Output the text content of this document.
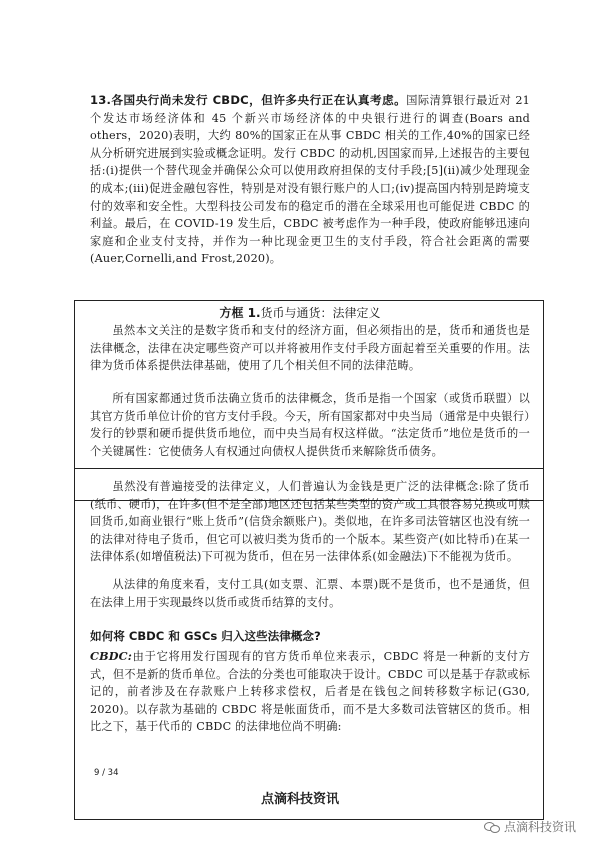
13.各国央行尚未发行 CBDC，但许多央行正在认真考虑。国际清算银行最近对 21 个发达市场经济体和 45 个新兴市场经济体的中央银行进行的调查(Boars and others，2020)表明，大约 80%的国家正在从事 CBDC 相关的工作,40%的国家已经从分析研究进展到实验或概念证明。发行 CBDC 的动机,因国家而异,上述报告的主要包括:(i)提供一个替代现金并确保公众可以使用政府担保的支付手段;[5](ii)减少处理现金的成本;(iii)促进金融包容性，特别是对没有银行账户的人口;(iv)提高国内特别是跨境支付的效率和安全性。大型科技公司发布的稳定币的潜在全球采用也可能促进 CBDC 的利益。最后，在 COVID-19 发生后，CBDC 被考虑作为一种手段，使政府能够迅速向家庭和企业支付支持，并作为一种比现金更卫生的支付手段，符合社会距离的需要(Auer,Cornelli,and Frost,2020)。
方框 1.货币与通货：法律定义
虽然本文关注的是数字货币和支付的经济方面，但必须指出的是，货币和通货也是法律概念，法律在决定哪些资产可以并将被用作支付手段方面起着至关重要的作用。法律为货币体系提供法律基础，使用了几个相关但不同的法律范畴。
所有国家都通过货币法确立货币的法律概念，货币是指一个国家（或货币联盟）以其官方货币单位计价的官方支付手段。今天，所有国家都对中央当局（通常是中央银行）发行的钞票和硬币提供货币地位，而中央当局有权这样做。“法定货币”地位是货币的一个关键属性：它使债务人有权通过向债权人提供货币来解除货币债务。
虽然没有普遍接受的法律定义，人们普遍认为金钱是更广泛的法律概念:除了货币(纸币、硬币)，在许多(但不是全部)地区还包括某些类型的资产或工具很容易兑换或可赎回货币,如商业银行“账上货币”(信贷余额账户)。类似地，在许多司法管辖区也没有统一的法律对待电子货币，但它可以被归类为货币的一个版本。某些资产(如比特币)在某一法律体系(如增值税法)下可视为货币，但在另一法律体系(如金融法)下不能视为货币。
从法律的角度来看，支付工具(如支票、汇票、本票)既不是货币，也不是通货，但在法律上用于实现最终以货币或货币结算的支付。
如何将 CBDC 和 GSCs 归入这些法律概念?
CBDC:由于它将用发行国现有的官方货币单位来表示，CBDC 将是一种新的支付方式，但不是新的货币单位。合法的分类也可能取决于设计。CBDC 可以是基于存款或标记的，前者涉及在存款账户上转移求偿权，后者是在钱包之间转移数字标记(G30, 2020)。以存款为基础的 CBDC 将是帐面货币，而不是大多数司法管辖区的货币。相比之下，基于代币的 CBDC 的法律地位尚不明确:
9 / 34
点滴科技资讯
点滴科技资讯
